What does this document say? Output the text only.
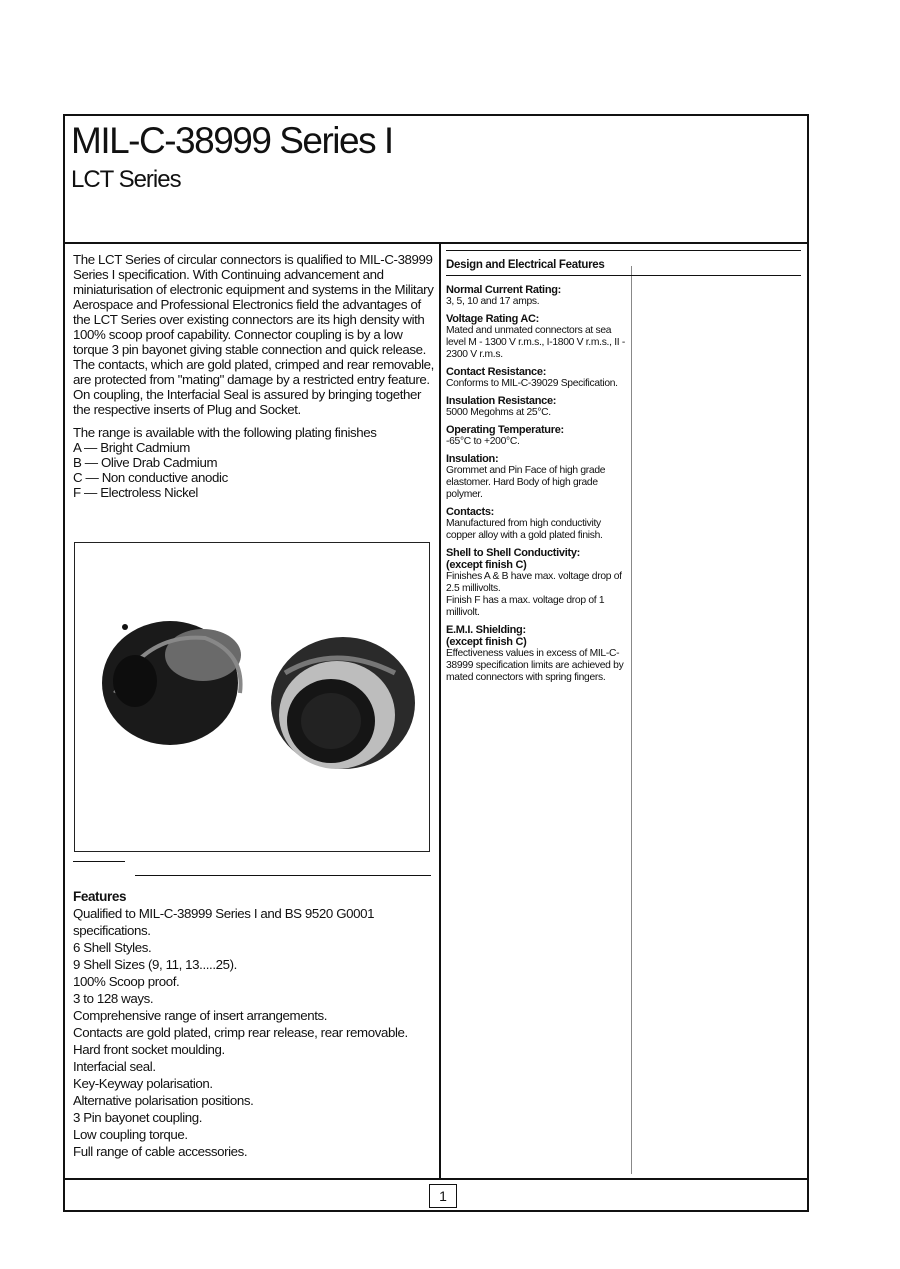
MIL-C-38999 Series I
LCT Series

The LCT Series of circular connectors is qualified to MIL-C-38999 Series I specification. With Continuing advancement and miniaturisation of electronic equipment and systems in the Military Aerospace and Professional Electronics field the advantages of the LCT Series over existing connectors are its high density with 100% scoop proof capability. Connector coupling is by a low torque 3 pin bayonet giving stable connection and quick release. The contacts, which are gold plated, crimped and rear removable, are protected from "mating" damage by a restricted entry feature. On coupling, the Interfacial Seal is assured by bringing together the respective inserts of Plug and Socket.

The range is available with the following plating finishes
A — Bright Cadmium
B — Olive Drab Cadmium
C — Non conductive anodic
F — Electroless Nickel
Features
Qualified to MIL-C-38999 Series I and BS 9520 G0001 specifications.
6 Shell Styles.
9 Shell Sizes (9, 11, 13.....25).
100% Scoop proof.
3 to 128 ways.
Comprehensive range of insert arrangements.
Contacts are gold plated, crimp rear release, rear removable.
Hard front socket moulding.
Interfacial seal.
Key-Keyway polarisation.
Alternative polarisation positions.
3 Pin bayonet coupling.
Low coupling torque.
Full range of cable accessories.
Design and Electrical Features
Normal Current Rating:
3, 5, 10 and 17 amps.
Voltage Rating AC:
Mated and unmated connectors at sea level M - 1300 V r.m.s., I-1800 V r.m.s., II - 2300 V r.m.s.
Contact Resistance:
Conforms to MIL-C-39029 Specification.
Insulation Resistance:
5000 Megohms at 25°C.
Operating Temperature:
-65°C to +200°C.
Insulation:
Grommet and Pin Face of high grade elastomer. Hard Body of high grade polymer.
Contacts:
Manufactured from high conductivity copper alloy with a gold plated finish.
Shell to Shell Conductivity:
(except finish C)
Finishes A & B have max. voltage drop of 2.5 millivolts.
Finish F has a max. voltage drop of 1 millivolt.
E.M.I. Shielding:
(except finish C)
Effectiveness values in excess of MIL-C-38999 specification limits are achieved by mated connectors with spring fingers.
1
